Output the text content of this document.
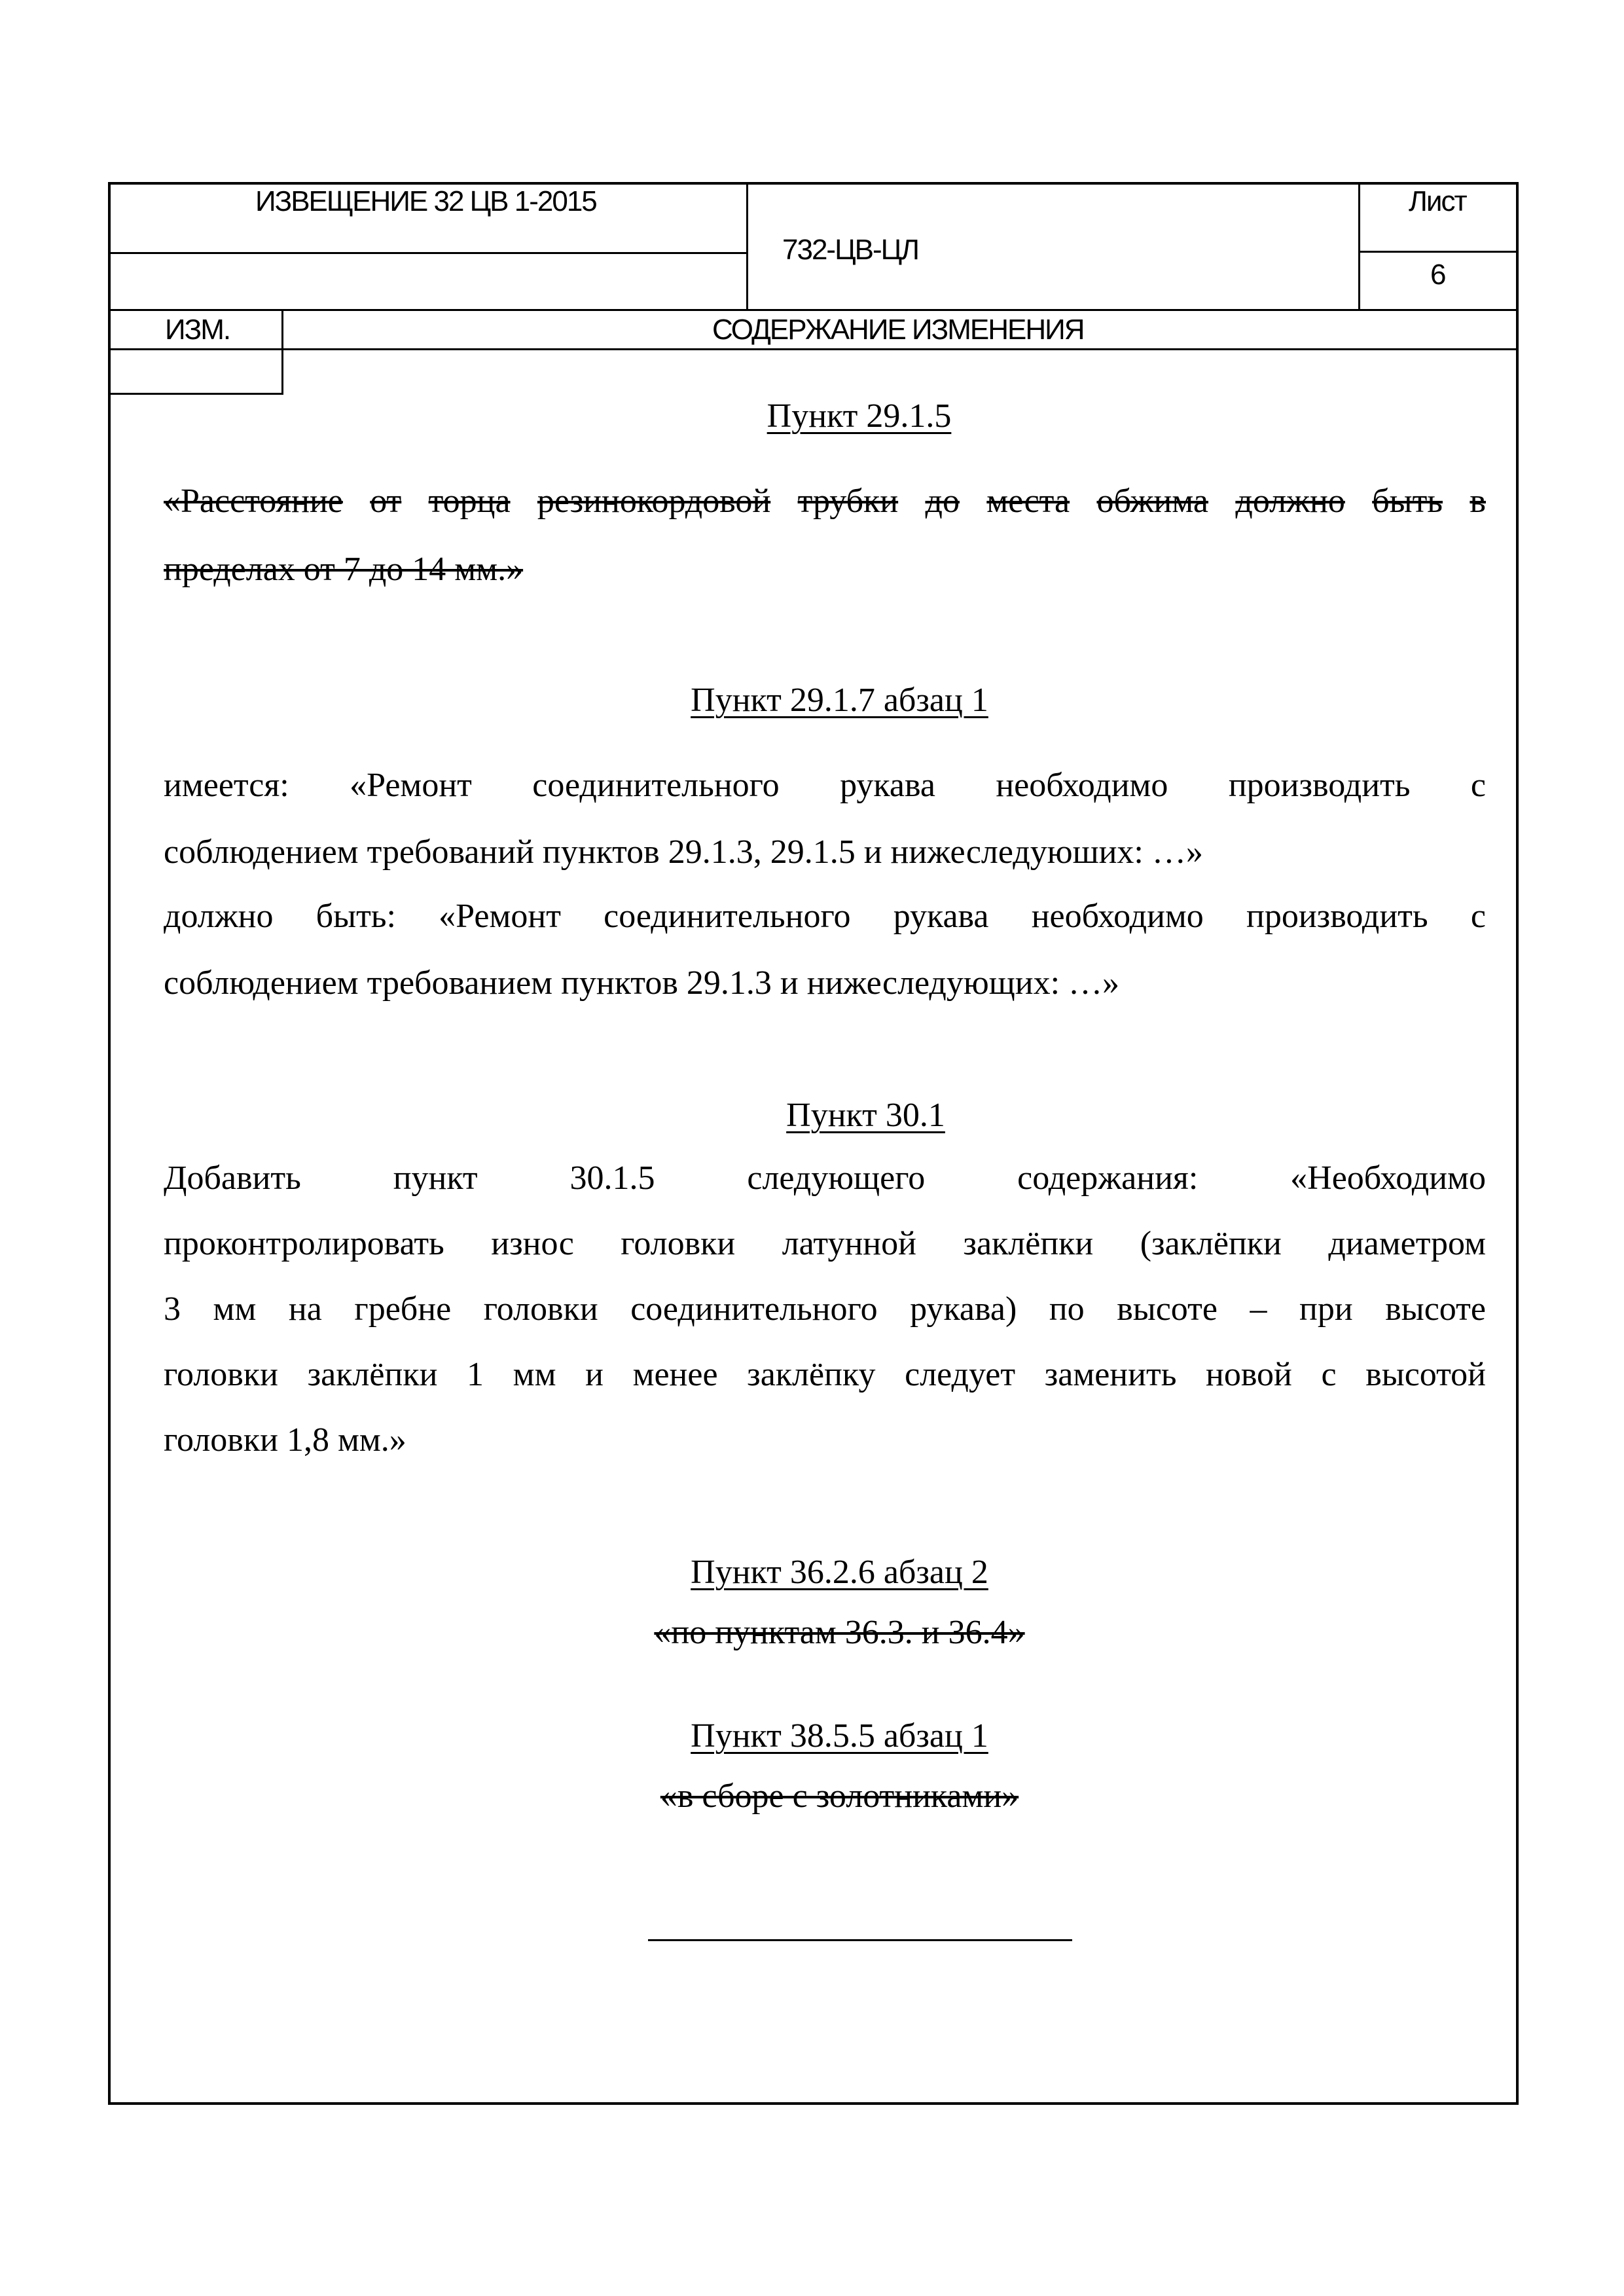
ИЗВЕЩЕНИЕ 32 ЦВ 1-2015
732-ЦВ-ЦЛ
Лист
6
ИЗМ.	СОДЕРЖАНИЕ ИЗМЕНЕНИЯ
Пункт 29.1.5
«Расстояние от торца резинокордовой трубки до места обжима должно быть в
пределах от 7 до 14 мм.»
Пункт 29.1.7 абзац 1
имеется: «Ремонт соединительного рукава необходимо производить с
соблюдением требований пунктов 29.1.3, 29.1.5 и нижеследуюших: …»
должно быть: «Ремонт соединительного рукава необходимо производить с
соблюдением требованием пунктов 29.1.3 и нижеследующих: …»
Пункт 30.1
Добавить	пункт	30.1.5	следующего	содержания:	«Необходимо
проконтролировать износ головки латунной заклёпки (заклёпки диаметром
3 мм на гребне головки соединительного рукава) по высоте – при высоте
головки заклёпки 1 мм и менее заклёпку следует заменить новой с высотой
головки 1,8 мм.»
Пункт 36.2.6 абзац 2
«по пунктам 36.3. и 36.4»
Пункт 38.5.5 абзац 1
«в сборе с золотниками»
